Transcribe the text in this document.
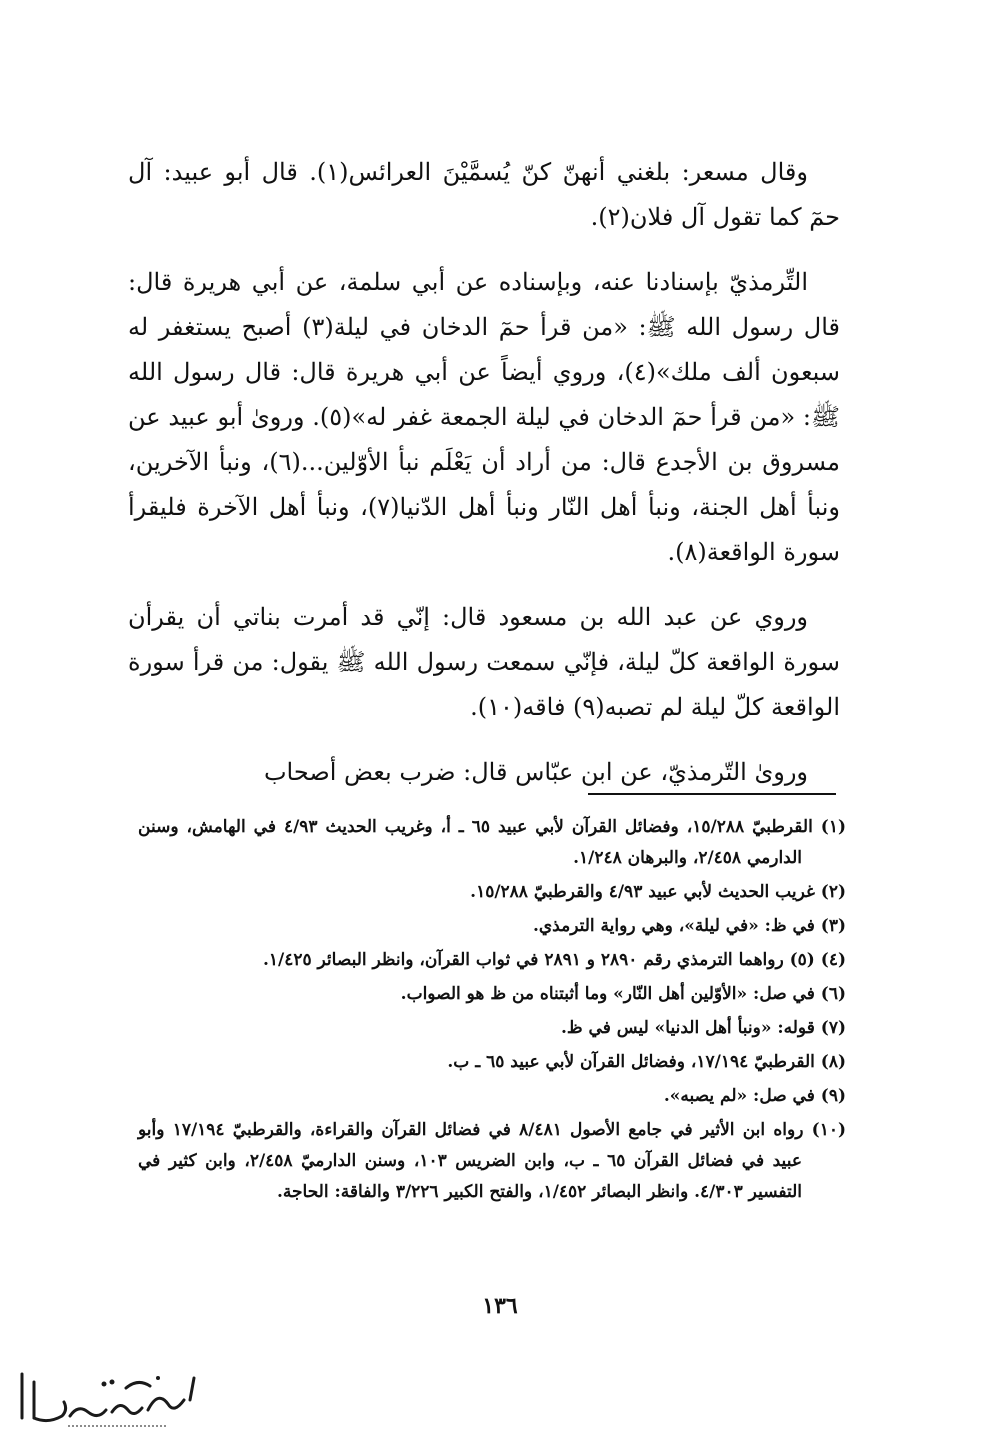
وقال مسعر: بلغني أنهنّ كنّ يُسمَّيْنَ العرائس(١). قال أبو عبيد: آل حمٓ كما تقول آل فلان(٢).

التِّرمذيّ بإسنادنا عنه، وبإسناده عن أبي سلمة، عن أبي هريرة قال: قال رسول الله ﷺ: «من قرأ حمٓ الدخان في ليلة(٣) أصبح يستغفر له سبعون ألف ملك»(٤)، وروي أيضاً عن أبي هريرة قال: قال رسول الله ﷺ: «من قرأ حمٓ الدخان في ليلة الجمعة غفر له»(٥). وروىٰ أبو عبيد عن مسروق بن الأجدع قال: من أراد أن يَعْلَم نبأ الأوّلين...(٦)، ونبأ الآخرين، ونبأ أهل الجنة، ونبأ أهل النّار ونبأ أهل الدّنيا(٧)، ونبأ أهل الآخرة فليقرأ سورة الواقعة(٨).

وروي عن عبد الله بن مسعود قال: إنّي قد أمرت بناتي أن يقرأن سورة الواقعة كلّ ليلة، فإنّي سمعت رسول الله ﷺ يقول: من قرأ سورة الواقعة كلّ ليلة لم تصبه(٩) فاقه(١٠).

وروىٰ التّرمذيّ، عن ابن عبّاس قال: ضرب بعض أصحاب

(١) القرطبيّ ١٥/٢٨٨، وفضائل القرآن لأبي عبيد ٦٥ ـ أ، وغريب الحديث ٤/٩٣ في الهامش، وسنن الدارمي ٢/٤٥٨، والبرهان ١/٢٤٨.

(٢) غريب الحديث لأبي عبيد ٤/٩٣ والقرطبيّ ١٥/٢٨٨.

(٣) في ظ: «في ليلة»، وهي رواية الترمذي.

(٤) (٥) رواهما الترمذي رقم ٢٨٩٠ و ٢٨٩١ في ثواب القرآن، وانظر البصائر ١/٤٢٥.

(٦) في صل: «الأوّلين أهل النّار» وما أثبتناه من ظ هو الصواب.

(٧) قوله: «ونبأ أهل الدنيا» ليس في ظ.

(٨) القرطبيّ ١٧/١٩٤، وفضائل القرآن لأبي عبيد ٦٥ ـ ب.

(٩) في صل: «لم يصبه».

(١٠) رواه ابن الأثير في جامع الأصول ٨/٤٨١ في فضائل القرآن والقراءة، والقرطبيّ ١٧/١٩٤ وأبو عبيد في فضائل القرآن ٦٥ ـ ب، وابن الضريس ١٠٣، وسنن الدارميّ ٢/٤٥٨، وابن كثير في التفسير ٤/٣٠٣. وانظر البصائر ١/٤٥٢، والفتح الكبير ٣/٢٢٦ والفاقة: الحاجة.

١٣٦
